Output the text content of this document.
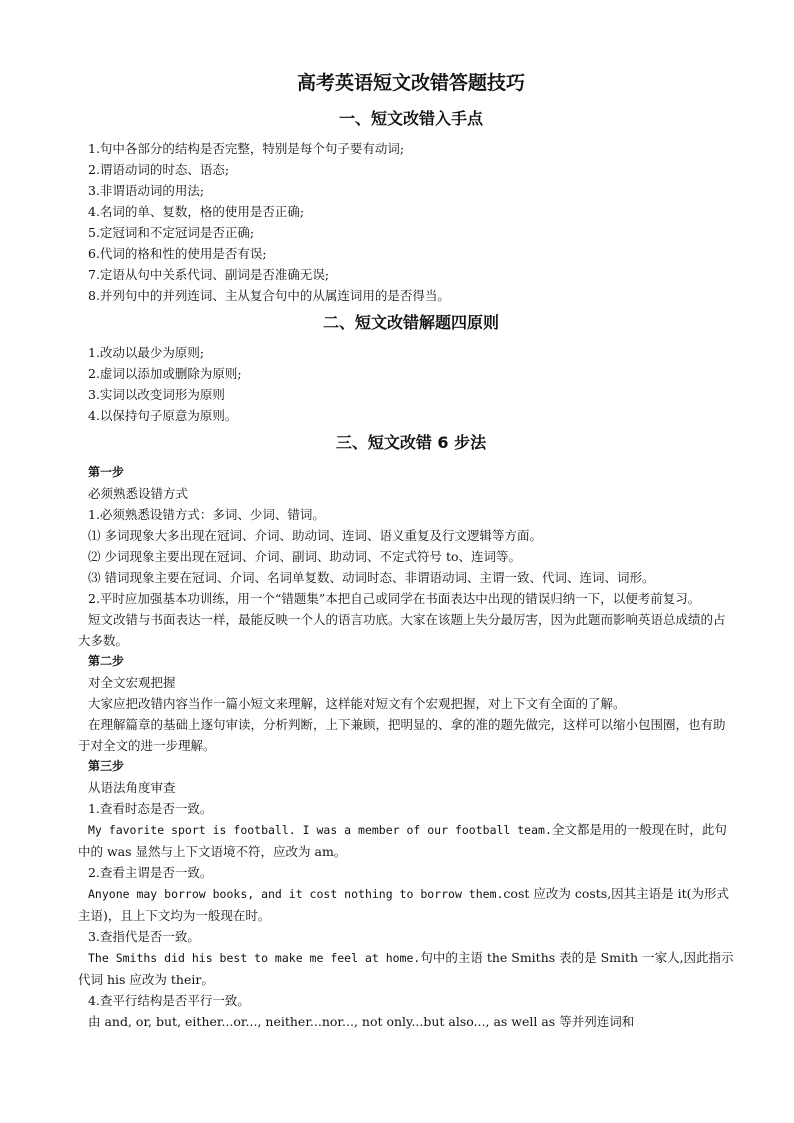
高考英语短文改错答题技巧
一、短文改错入手点
1.句中各部分的结构是否完整，特别是每个句子要有动词;
2.谓语动词的时态、语态;
3.非谓语动词的用法;
4.名词的单、复数，格的使用是否正确;
5.定冠词和不定冠词是否正确;
6.代词的格和性的使用是否有误;
7.定语从句中关系代词、副词是否准确无误;
8.并列句中的并列连词、主从复合句中的从属连词用的是否得当。
二、短文改错解题四原则
1.改动以最少为原则;
2.虚词以添加或删除为原则;
3.实词以改变词形为原则
4.以保持句子原意为原则。
三、短文改错 6 步法
第一步
必须熟悉设错方式
1.必须熟悉设错方式：多词、少词、错词。
⑴ 多词现象大多出现在冠词、介词、助动词、连词、语义重复及行文逻辑等方面。
⑵ 少词现象主要出现在冠词、介词、副词、助动词、不定式符号 to、连词等。
⑶ 错词现象主要在冠词、介词、名词单复数、动词时态、非谓语动词、主谓一致、代词、连词、词形。
2.平时应加强基本功训练，用一个“错题集”本把自己或同学在书面表达中出现的错误归纳一下，以便考前复习。
短文改错与书面表达一样，最能反映一个人的语言功底。大家在该题上失分最厉害，因为此题而影响英语总成绩的占大多数。
第二步
对全文宏观把握
大家应把改错内容当作一篇小短文来理解，这样能对短文有个宏观把握，对上下文有全面的了解。
在理解篇章的基础上逐句审读，分析判断，上下兼顾，把明显的、拿的准的题先做完，这样可以缩小包围圈，也有助于对全文的进一步理解。
第三步
从语法角度审查
1.查看时态是否一致。
My favorite sport is football. I was a member of our football team.全文都是用的一般现在时，此句中的 was 显然与上下文语境不符，应改为 am。
2.查看主谓是否一致。
Anyone may borrow books, and it cost nothing to borrow them.cost 应改为 costs,因其主语是 it(为形式主语)，且上下文均为一般现在时。
3.查指代是否一致。
The Smiths did his best to make me feel at home.句中的主语 the Smiths 表的是 Smith 一家人,因此指示代词 his 应改为 their。
4.查平行结构是否平行一致。
由 and, or, but, either...or..., neither...nor..., not only...but also..., as well as 等并列连词和
